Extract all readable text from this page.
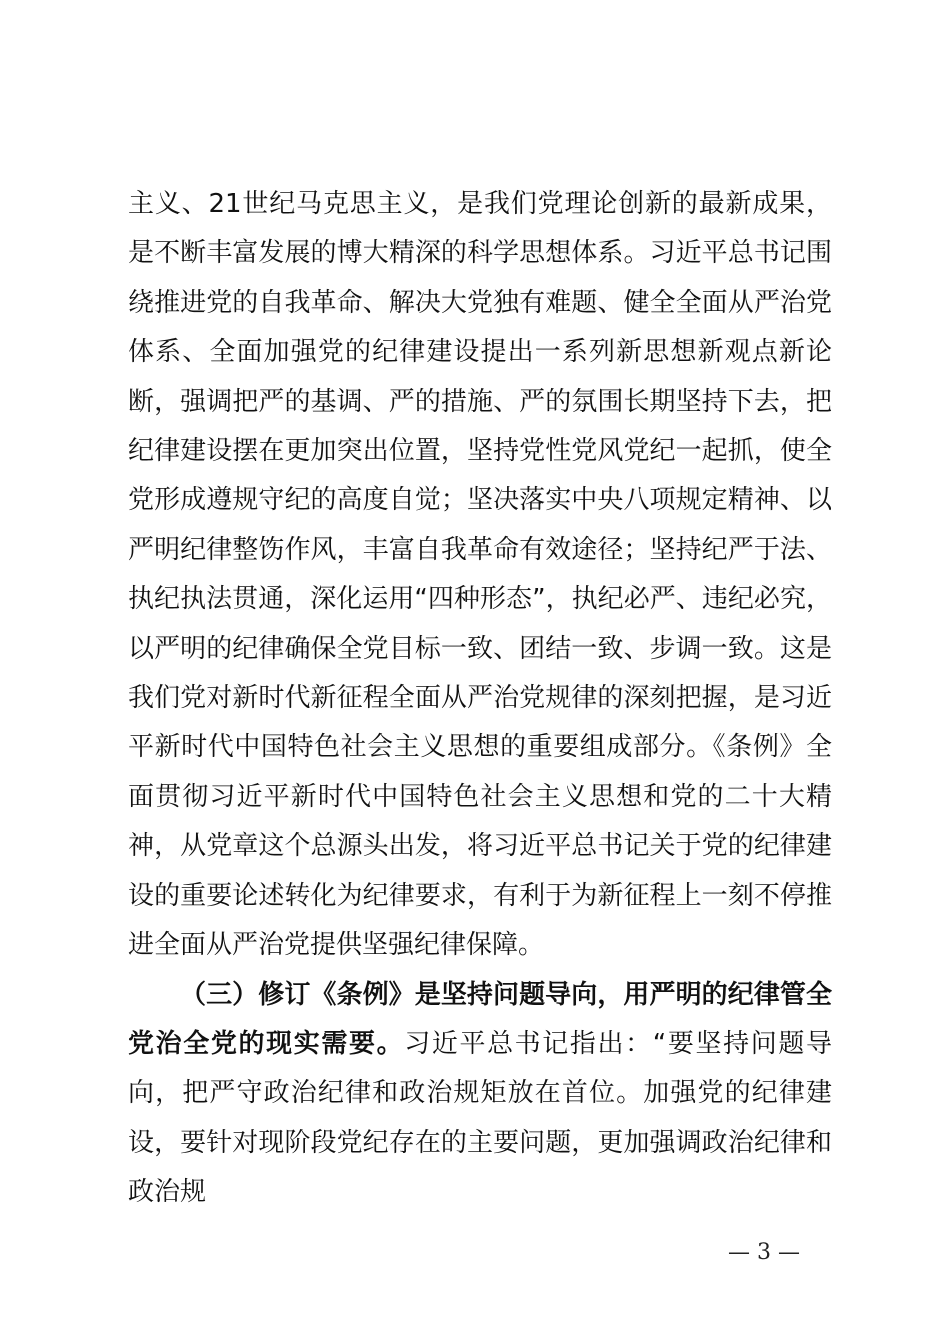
主义、21世纪马克思主义，是我们党理论创新的最新成果，是不断丰富发展的博大精深的科学思想体系。习近平总书记围绕推进党的自我革命、解决大党独有难题、健全全面从严治党体系、全面加强党的纪律建设提出一系列新思想新观点新论断，强调把严的基调、严的措施、严的氛围长期坚持下去，把纪律建设摆在更加突出位置，坚持党性党风党纪一起抓，使全党形成遵规守纪的高度自觉；坚决落实中央八项规定精神、以严明纪律整饬作风，丰富自我革命有效途径；坚持纪严于法、执纪执法贯通，深化运用“四种形态”，执纪必严、违纪必究，以严明的纪律确保全党目标一致、团结一致、步调一致。这是我们党对新时代新征程全面从严治党规律的深刻把握，是习近平新时代中国特色社会主义思想的重要组成部分。《条例》全面贯彻习近平新时代中国特色社会主义思想和党的二十大精神，从党章这个总源头出发，将习近平总书记关于党的纪律建设的重要论述转化为纪律要求，有利于为新征程上一刻不停推进全面从严治党提供坚强纪律保障。

（三）修订《条例》是坚持问题导向，用严明的纪律管全党治全党的现实需要。习近平总书记指出：“要坚持问题导向，把严守政治纪律和政治规矩放在首位。加强党的纪律建设，要针对现阶段党纪存在的主要问题，更加强调政治纪律和政治规

— 3 —
